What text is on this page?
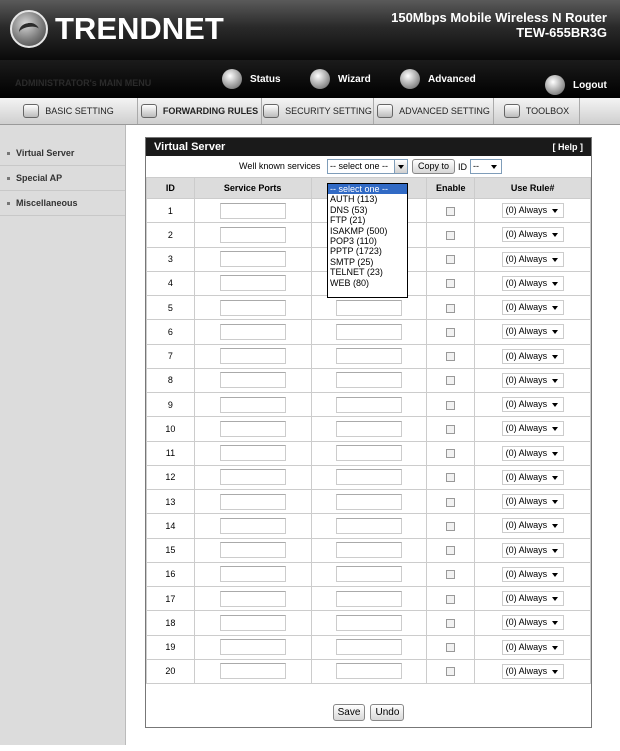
TRENDNET	150Mbps Mobile Wireless N Router
TEW-655BR3G
ADMINISTRATOR's MAIN MENU	Status	Wizard	Advanced
Logout
BASIC SETTING	FORWARDING RULES	SECURITY SETTING	ADVANCED SETTING	TOOLBOX
Virtual Server
Special AP
Miscellaneous
Virtual Server	[ Help ]
Well known services	-- select one --	Copy to ID --
ID	Service Ports		Enable	Use Rule#
1				(0) Always
2				(0) Always
3				(0) Always
4				(0) Always
5				(0) Always
6				(0) Always
7				(0) Always
8				(0) Always
9				(0) Always
10				(0) Always
11				(0) Always
12				(0) Always
13				(0) Always
14				(0) Always
15				(0) Always
16				(0) Always
17				(0) Always
18				(0) Always
19				(0) Always
20				(0) Always
Save Undo
-- select one --
AUTH (113)
DNS (53)
FTP (21)
ISAKMP (500)
POP3 (110)
PPTP (1723)
SMTP (25)
TELNET (23)
WEB (80)
